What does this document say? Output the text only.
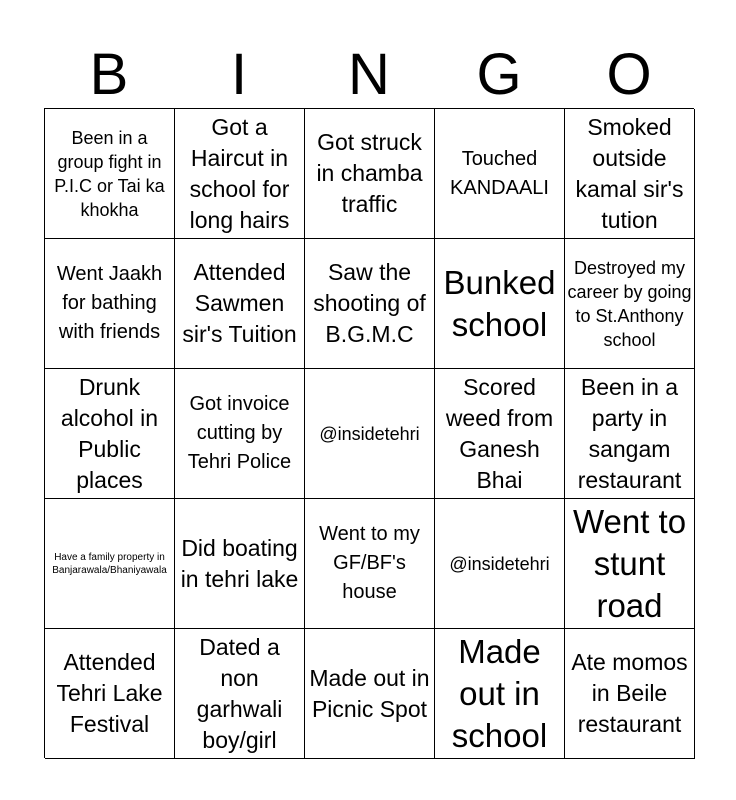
B	I	N	G	O
Been in a group fight in P.I.C or Tai ka khokha
Got a Haircut in school for long hairs
Got struck in chamba traffic
Touched KANDAALI
Smoked outside kamal sir's tution
Went Jaakh for bathing with friends
Attended Sawmen sir's Tuition
Saw the shooting of B.G.M.C
Bunked school
Destroyed my career by going to St.Anthony school
Drunk alcohol in Public places
Got invoice cutting by Tehri Police
@insidetehri
Scored weed from Ganesh Bhai
Been in a party in sangam restaurant
Have a family property in Banjarawala/Bhaniyawala
Did boating in tehri lake
Went to my GF/BF's house
@insidetehri
Went to stunt road
Attended Tehri Lake Festival
Dated a non garhwali boy/girl
Made out in Picnic Spot
Made out in school
Ate momos in Beile restaurant
